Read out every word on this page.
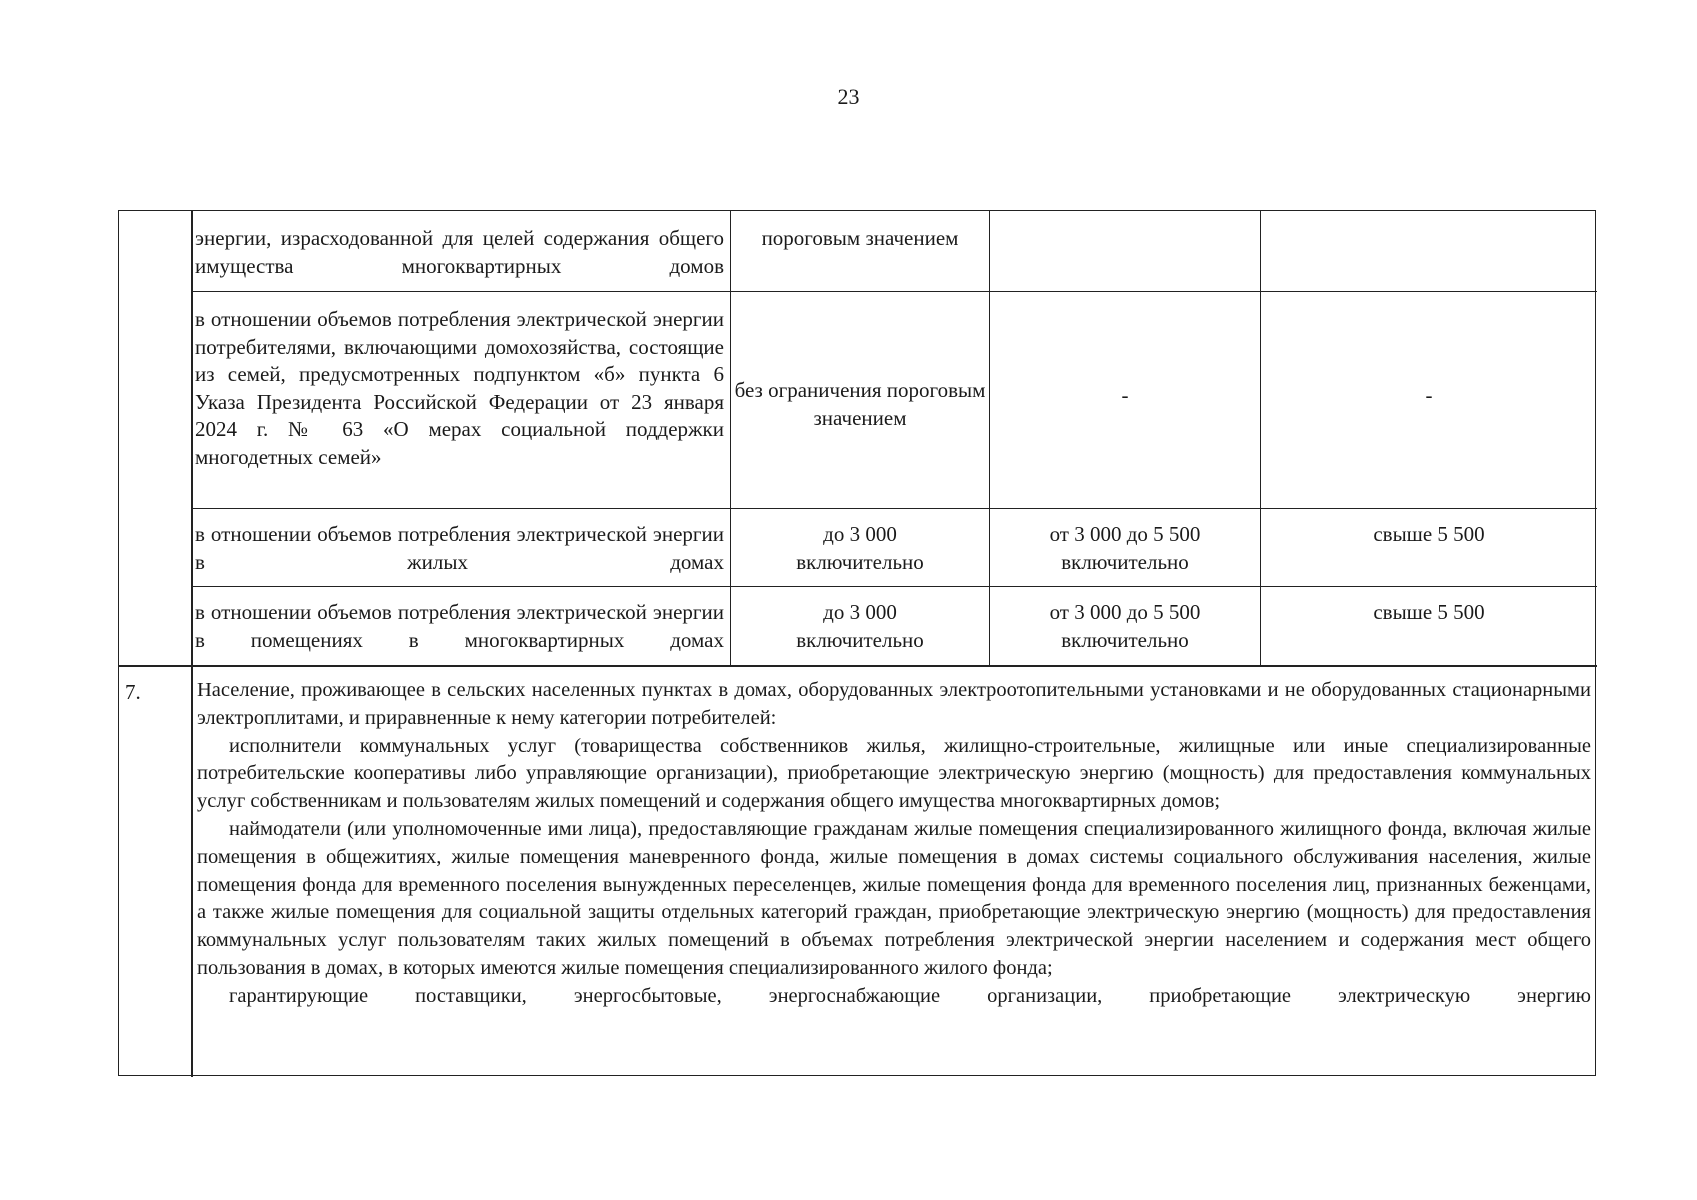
23
энергии, израсходованной для целей содержания общего имущества многоквартирных домов
пороговым значением
в отношении объемов потребления электрической энергии потребителями, включающими домохозяйства, состоящие из семей, предусмотренных подпунктом «б» пункта 6 Указа Президента Российской Федерации от 23 января 2024 г. № 63 «О мерах социальной поддержки многодетных семей»
без ограничения пороговым значением
-	-
в отношении объемов потребления электрической энергии в жилых домах
до 3 000 включительно
от 3 000 до 5 500 включительно
свыше 5 500
в отношении объемов потребления электрической энергии в помещениях в многоквартирных домах
до 3 000 включительно
от 3 000 до 5 500 включительно
свыше 5 500
7.	Население, проживающее в сельских населенных пунктах в домах, оборудованных электроотопительными установками и не оборудованных стационарными электроплитами, и приравненные к нему категории потребителей:

исполнители коммунальных услуг (товарищества собственников жилья, жилищно-строительные, жилищные или иные специализированные потребительские кооперативы либо управляющие организации), приобретающие электрическую энергию (мощность) для предоставления коммунальных услуг собственникам и пользователям жилых помещений и содержания общего имущества многоквартирных домов;

наймодатели (или уполномоченные ими лица), предоставляющие гражданам жилые помещения специализированного жилищного фонда, включая жилые помещения в общежитиях, жилые помещения маневренного фонда, жилые помещения в домах системы социального обслуживания населения, жилые помещения фонда для временного поселения вынужденных переселенцев, жилые помещения фонда для временного поселения лиц, признанных беженцами, а также жилые помещения для социальной защиты отдельных категорий граждан, приобретающие электрическую энергию (мощность) для предоставления коммунальных услуг пользователям таких жилых помещений в объемах потребления электрической энергии населением и содержания мест общего пользования в домах, в которых имеются жилые помещения специализированного жилого фонда;

гарантирующие поставщики, энергосбытовые, энергоснабжающие организации, приобретающие электрическую энергию
